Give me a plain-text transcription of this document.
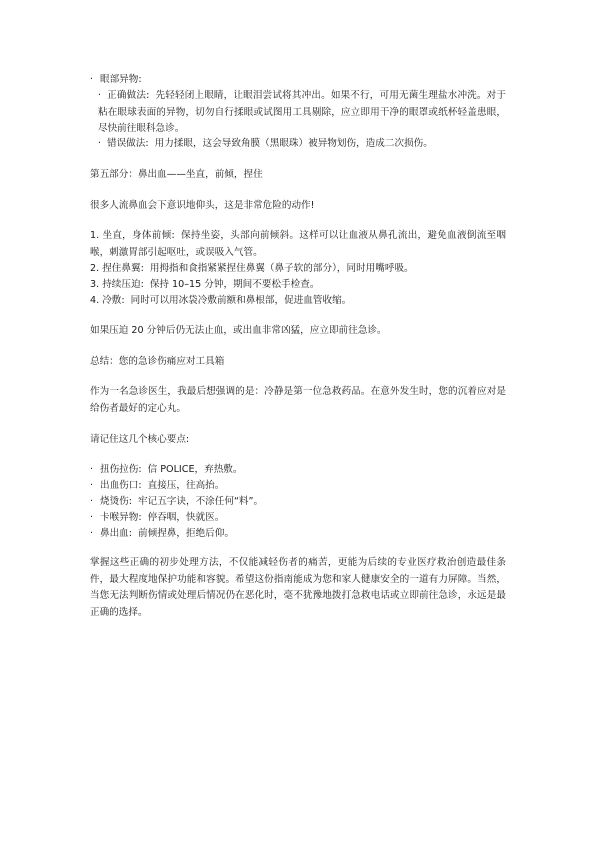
· 眼部异物:
· 正确做法: 先轻轻闭上眼睛，让眼泪尝试将其冲出。如果不行，可用无菌生理盐水冲洗。对于粘在眼球表面的异物，切勿自行揉眼或试图用工具剔除，应立即用干净的眼罩或纸杯轻盖患眼，尽快前往眼科急诊。
· 错误做法: 用力揉眼，这会导致角膜（黑眼珠）被异物划伤，造成二次损伤。
第五部分：鼻出血——坐直，前倾，捏住
很多人流鼻血会下意识地仰头，这是非常危险的动作!
1. 坐直，身体前倾: 保持坐姿，头部向前倾斜。这样可以让血液从鼻孔流出，避免血液倒流至咽喉，刺激胃部引起呕吐，或误吸入气管。
2. 捏住鼻翼: 用拇指和食指紧紧捏住鼻翼（鼻子软的部分），同时用嘴呼吸。
3. 持续压迫: 保持 10–15 分钟，期间不要松手检查。
4. 冷敷: 同时可以用冰袋冷敷前额和鼻根部，促进血管收缩。
如果压迫 20 分钟后仍无法止血，或出血非常凶猛，应立即前往急诊。
总结：您的急诊伤痛应对工具箱
作为一名急诊医生，我最后想强调的是：冷静是第一位急救药品。在意外发生时，您的沉着应对是给伤者最好的定心丸。
请记住这几个核心要点:
· 扭伤拉伤: 信 POLICE，弃热敷。
· 出血伤口: 直接压，往高抬。
· 烧烫伤: 牢记五字诀，不涂任何“料”。
· 卡喉异物: 停吞咽，快就医。
· 鼻出血: 前倾捏鼻，拒绝后仰。
掌握这些正确的初步处理方法，不仅能减轻伤者的痛苦，更能为后续的专业医疗救治创造最佳条件，最大程度地保护功能和容貌。希望这份指南能成为您和家人健康安全的一道有力屏障。当然，当您无法判断伤情或处理后情况仍在恶化时，毫不犹豫地拨打急救电话或立即前往急诊，永远是最正确的选择。
